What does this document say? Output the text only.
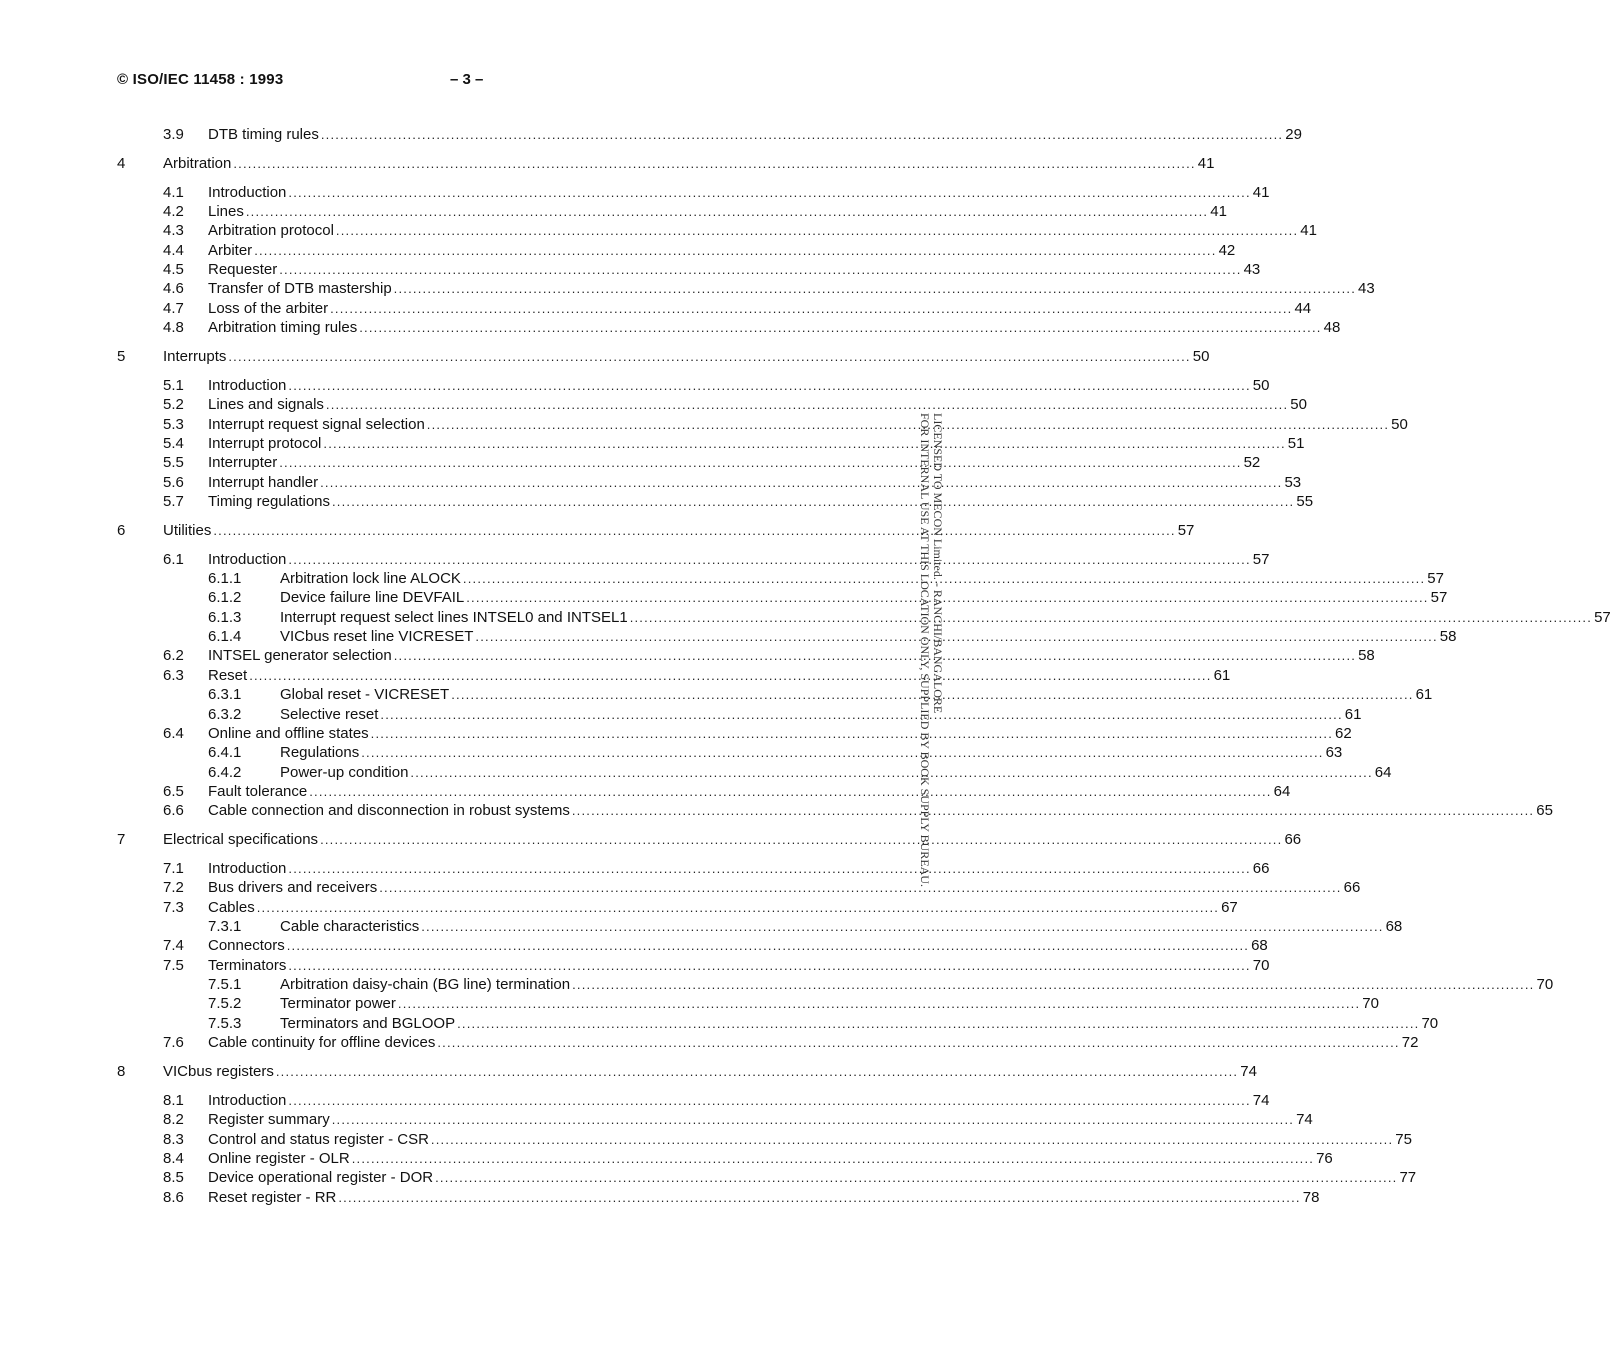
© ISO/IEC 11458 : 1993	– 3 –
3.9 DTB timing rules ........................................................................................................................................................................................................ 29
4	Arbitration ........................................................................................................................................................................................................ 41
4.1 Introduction ........................................................................................................................................................................................................ 41
4.2 Lines ........................................................................................................................................................................................................ 41
4.3 Arbitration protocol ........................................................................................................................................................................................................ 41
4.4 Arbiter ........................................................................................................................................................................................................ 42
4.5 Requester ........................................................................................................................................................................................................ 43
4.6 Transfer of DTB mastership ........................................................................................................................................................................................................ 43
4.7 Loss of the arbiter ........................................................................................................................................................................................................ 44
4.8 Arbitration timing rules ........................................................................................................................................................................................................ 48
5	Interrupts ........................................................................................................................................................................................................ 50
5.1 Introduction ........................................................................................................................................................................................................ 50
5.2 Lines and signals ........................................................................................................................................................................................................ 50
5.3 Interrupt request signal selection ........................................................................................................................................................................................................ 50
5.4 Interrupt protocol ........................................................................................................................................................................................................ 51
5.5 Interrupter ........................................................................................................................................................................................................ 52
5.6 Interrupt handler ........................................................................................................................................................................................................ 53
5.7 Timing regulations ........................................................................................................................................................................................................ 55
6	Utilities ........................................................................................................................................................................................................ 57
6.1 Introduction ........................................................................................................................................................................................................ 57
6.1.1	Arbitration lock line ALOCK ........................................................................................................................................................................................................ 57
6.1.2	Device failure line DEVFAIL ........................................................................................................................................................................................................ 57
6.1.3	Interrupt request select lines INTSEL0 and INTSEL1 ........................................................................................................................................................................................................ 57
6.1.4	VICbus reset line VICRESET ........................................................................................................................................................................................................ 58
6.2 INTSEL generator selection ........................................................................................................................................................................................................ 58
6.3 Reset ........................................................................................................................................................................................................ 61
6.3.1	Global reset - VICRESET ........................................................................................................................................................................................................ 61
6.3.2	Selective reset ........................................................................................................................................................................................................ 61
6.4 Online and offline states ........................................................................................................................................................................................................ 62
6.4.1	Regulations ........................................................................................................................................................................................................ 63
6.4.2	Power-up condition ........................................................................................................................................................................................................ 64
6.5 Fault tolerance ........................................................................................................................................................................................................ 64
6.6 Cable connection and disconnection in robust systems ........................................................................................................................................................................................................ 65
7	Electrical specifications ........................................................................................................................................................................................................ 66
7.1 Introduction ........................................................................................................................................................................................................ 66
7.2 Bus drivers and receivers ........................................................................................................................................................................................................ 66
7.3 Cables ........................................................................................................................................................................................................ 67
7.3.1	Cable characteristics ........................................................................................................................................................................................................ 68
7.4 Connectors ........................................................................................................................................................................................................ 68
7.5 Terminators ........................................................................................................................................................................................................ 70
7.5.1	Arbitration daisy-chain (BG line) termination ........................................................................................................................................................................................................ 70
7.5.2	Terminator power ........................................................................................................................................................................................................ 70
7.5.3	Terminators and BGLOOP ........................................................................................................................................................................................................ 70
7.6 Cable continuity for offline devices ........................................................................................................................................................................................................ 72
8	VICbus registers ........................................................................................................................................................................................................ 74
8.1 Introduction ........................................................................................................................................................................................................ 74
8.2 Register summary ........................................................................................................................................................................................................ 74
8.3 Control and status register - CSR ........................................................................................................................................................................................................ 75
8.4 Online register - OLR ........................................................................................................................................................................................................ 76
8.5 Device operational register - DOR ........................................................................................................................................................................................................ 77
8.6 Reset register - RR ........................................................................................................................................................................................................ 78
LICENSED TO MECON Limited. - RANCHI/BANGALORE
FOR INTERNAL USE AT THIS LOCATION ONLY, SUPPLIED BY BOOK SUPPLY BUREAU.
